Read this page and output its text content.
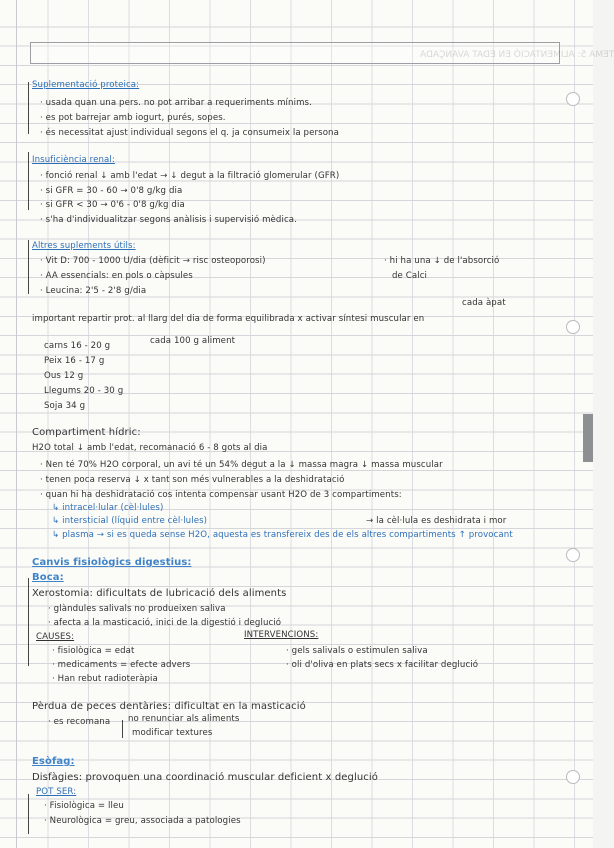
TEMA 5: ALIMENTACIÓ EN EDAT AVANÇADA
Suplementació proteica:
· usada quan una pers. no pot arribar a requeriments mínims.
· es pot barrejar amb iogurt, purés, sopes.
· és necessitat ajust individual segons el q. ja consumeix la persona
Insuficiència renal:
· fonció renal ↓ amb l'edat → ↓ degut a la filtració glomerular (GFR)
· si GFR = 30 - 60 → 0'8 g/kg dia
· si GFR < 30 → 0'6 - 0'8 g/kg dia
· s'ha d'individualitzar segons anàlisis i supervisió mèdica.
Altres suplements útils:
· Vit D: 700 - 1000 U/dia (dèficit → risc osteoporosi)
· AA essencials: en pols o càpsules
· Leucina: 2'5 - 2'8 g/dia
· hi ha una ↓ de l'absorció
de Calci
cada àpat
important repartir prot. al llarg del dia de forma equilibrada x activar síntesi muscular en
carns 16 - 20 g	cada 100 g aliment
Peix 16 - 17 g
Ous 12 g
Llegums 20 - 30 g
Soja 34 g
Compartiment hídric:
H2O total ↓ amb l'edat, recomanació 6 - 8 gots al dia
· Nen té 70% H2O corporal, un avi té un 54% degut a la ↓ massa magra ↓ massa muscular
· tenen poca reserva ↓ x tant son més vulnerables a la deshidratació
· quan hi ha deshidratació cos intenta compensar usant H2O de 3 compartiments:
↳ intracel·lular (cèl·lules)
↳ intersticial (líquid entre cèl·lules)	→ la cèl·lula es deshidrata i mor
↳ plasma → si es queda sense H2O, aquesta es transfereix des de els altres compartiments ↑ provocant
Canvis fisiològics digestius:
Boca:
Xerostomia: dificultats de lubricació dels aliments
· glàndules salivals no produeixen saliva
· afecta a la masticació, inici de la digestió i deglució
CAUSES:	INTERVENCIONS:
· fisiològica = edat	· gels salivals o estimulen saliva
· medicaments = efecte advers	· oli d'oliva en plats secs x facilitar deglució
· Han rebut radioteràpia
Pèrdua de peces dentàries: dificultat en la masticació
· es recomana no renunciar als aliments
modificar textures
Esòfag:
Disfàgies: provoquen una coordinació muscular deficient x deglució
POT SER:
· Fisiològica = lleu
· Neurològica = greu, associada a patologies
